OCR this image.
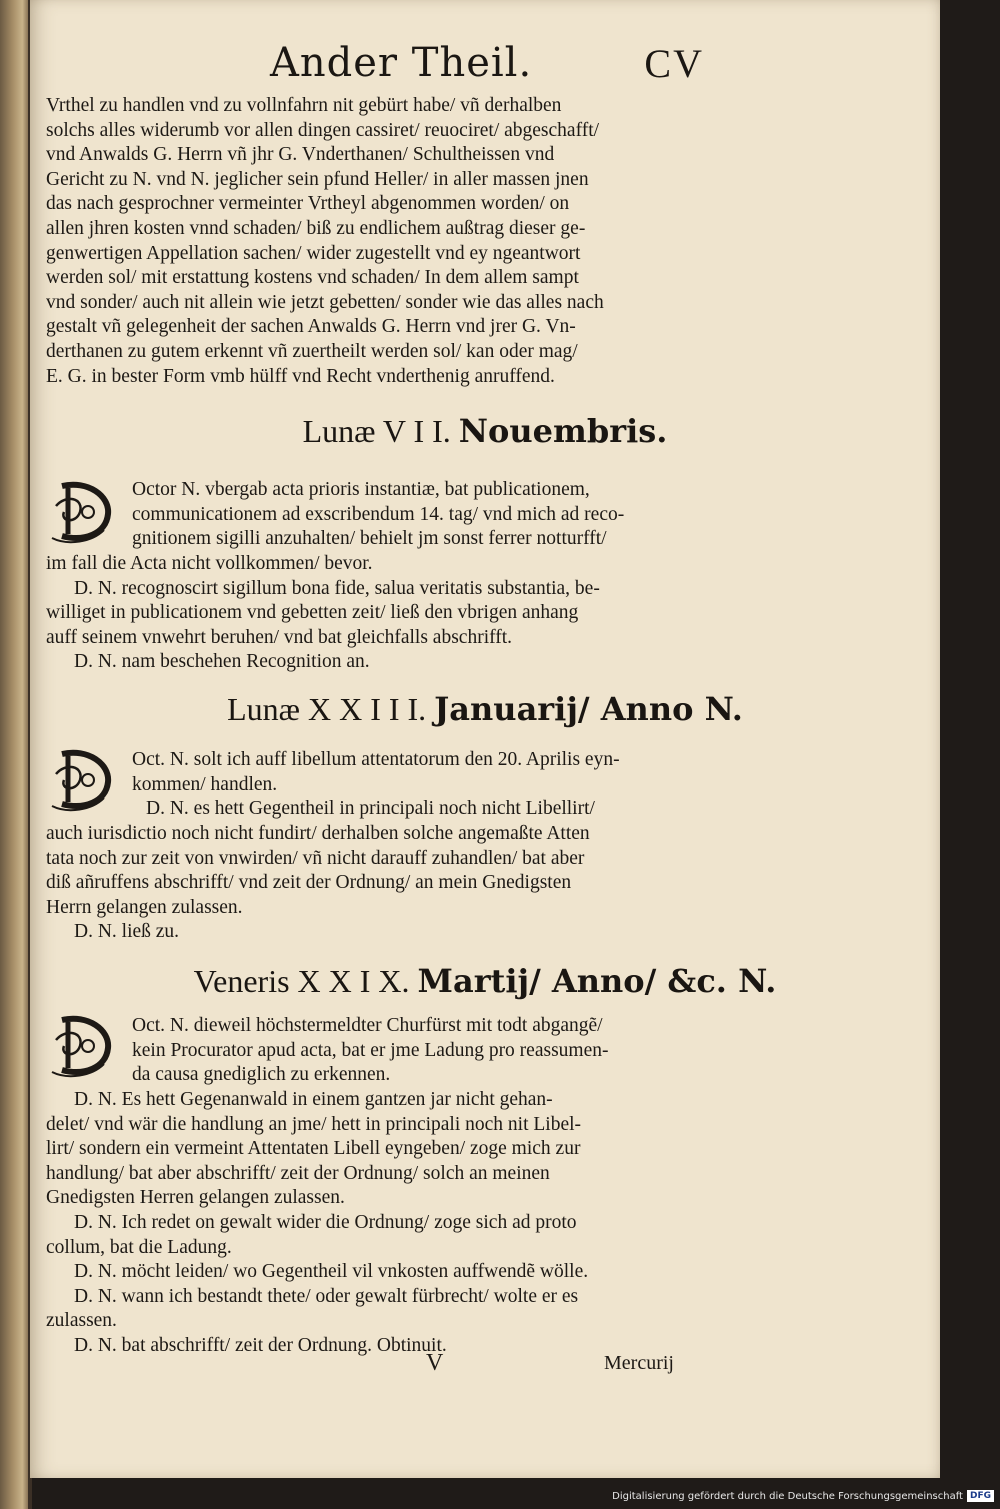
Ander Theil.	CV
Vrthel zu handlen vnd zu vollnfahrn nit gebürt habe/ vñ derhalben
solchs alles widerumb vor allen dingen cassiret/ reuociret/ abgeschafft/
vnd Anwalds G. Herrn vñ jhr G. Vnderthanen/ Schultheissen vnd
Gericht zu N. vnd N. jeglicher sein pfund Heller/ in aller massen jnen
das nach gesprochner vermeinter Vrtheyl abgenommen worden/ on
allen jhren kosten vnnd schaden/ biß zu endlichem außtrag dieser ge-
genwertigen Appellation sachen/ wider zugestellt vnd ey ngeantwort
werden sol/ mit erstattung kostens vnd schaden/ In dem allem sampt
vnd sonder/ auch nit allein wie jetzt gebetten/ sonder wie das alles nach
gestalt vñ gelegenheit der sachen Anwalds G. Herrn vnd jrer G. Vn-
derthanen zu gutem erkennt vñ zuertheilt werden sol/ kan oder mag/
E. G. in bester Form vmb hülff vnd Recht vnderthenig anruffend.
Lunæ V I I. Nouembris.
Octor N. vbergab acta prioris instantiæ, bat publicationem,
communicationem ad exscribendum 14. tag/ vnd mich ad reco-
gnitionem sigilli anzuhalten/ behielt jm sonst ferrer notturfft/
im fall die Acta nicht vollkommen/ bevor.
D. N. recognoscirt sigillum bona fide, salua veritatis substantia, be-
williget in publicationem vnd gebetten zeit/ ließ den vbrigen anhang
auff seinem vnwehrt beruhen/ vnd bat gleichfalls abschrifft.
D. N. nam beschehen Recognition an.
Lunæ X X I I I. Januarij/ Anno N.
Oct. N. solt ich auff libellum attentatorum den 20. Aprilis eyn-
kommen/ handlen.
D. N. es hett Gegentheil in principali noch nicht Libellirt/
auch iurisdictio noch nicht fundirt/ derhalben solche angemaßte Atten
tata noch zur zeit von vnwirden/ vñ nicht darauff zuhandlen/ bat aber
diß añruffens abschrifft/ vnd zeit der Ordnung/ an mein Gnedigsten
Herrn gelangen zulassen.
D. N. ließ zu.
Veneris X X I X. Martij/ Anno/ &c. N.
Oct. N. dieweil höchstermeldter Churfürst mit todt abgangẽ/
kein Procurator apud acta, bat er jme Ladung pro reassumen-
da causa gnediglich zu erkennen.
D. N. Es hett Gegenanwald in einem gantzen jar nicht gehan-
delet/ vnd wär die handlung an jme/ hett in principali noch nit Libel-
lirt/ sondern ein vermeint Attentaten Libell eyngeben/ zoge mich zur
handlung/ bat aber abschrifft/ zeit der Ordnung/ solch an meinen
Gnedigsten Herren gelangen zulassen.
D. N. Ich redet on gewalt wider die Ordnung/ zoge sich ad proto
collum, bat die Ladung.
D. N. möcht leiden/ wo Gegentheil vil vnkosten auffwendẽ wölle.
D. N. wann ich bestandt thete/ oder gewalt fürbrecht/ wolte er es
zulassen.
D. N. bat abschrifft/ zeit der Ordnung. Obtinuit.
V	Mercurij
Digitalisierung gefördert durch die Deutsche Forschungsgemeinschaft DFG
